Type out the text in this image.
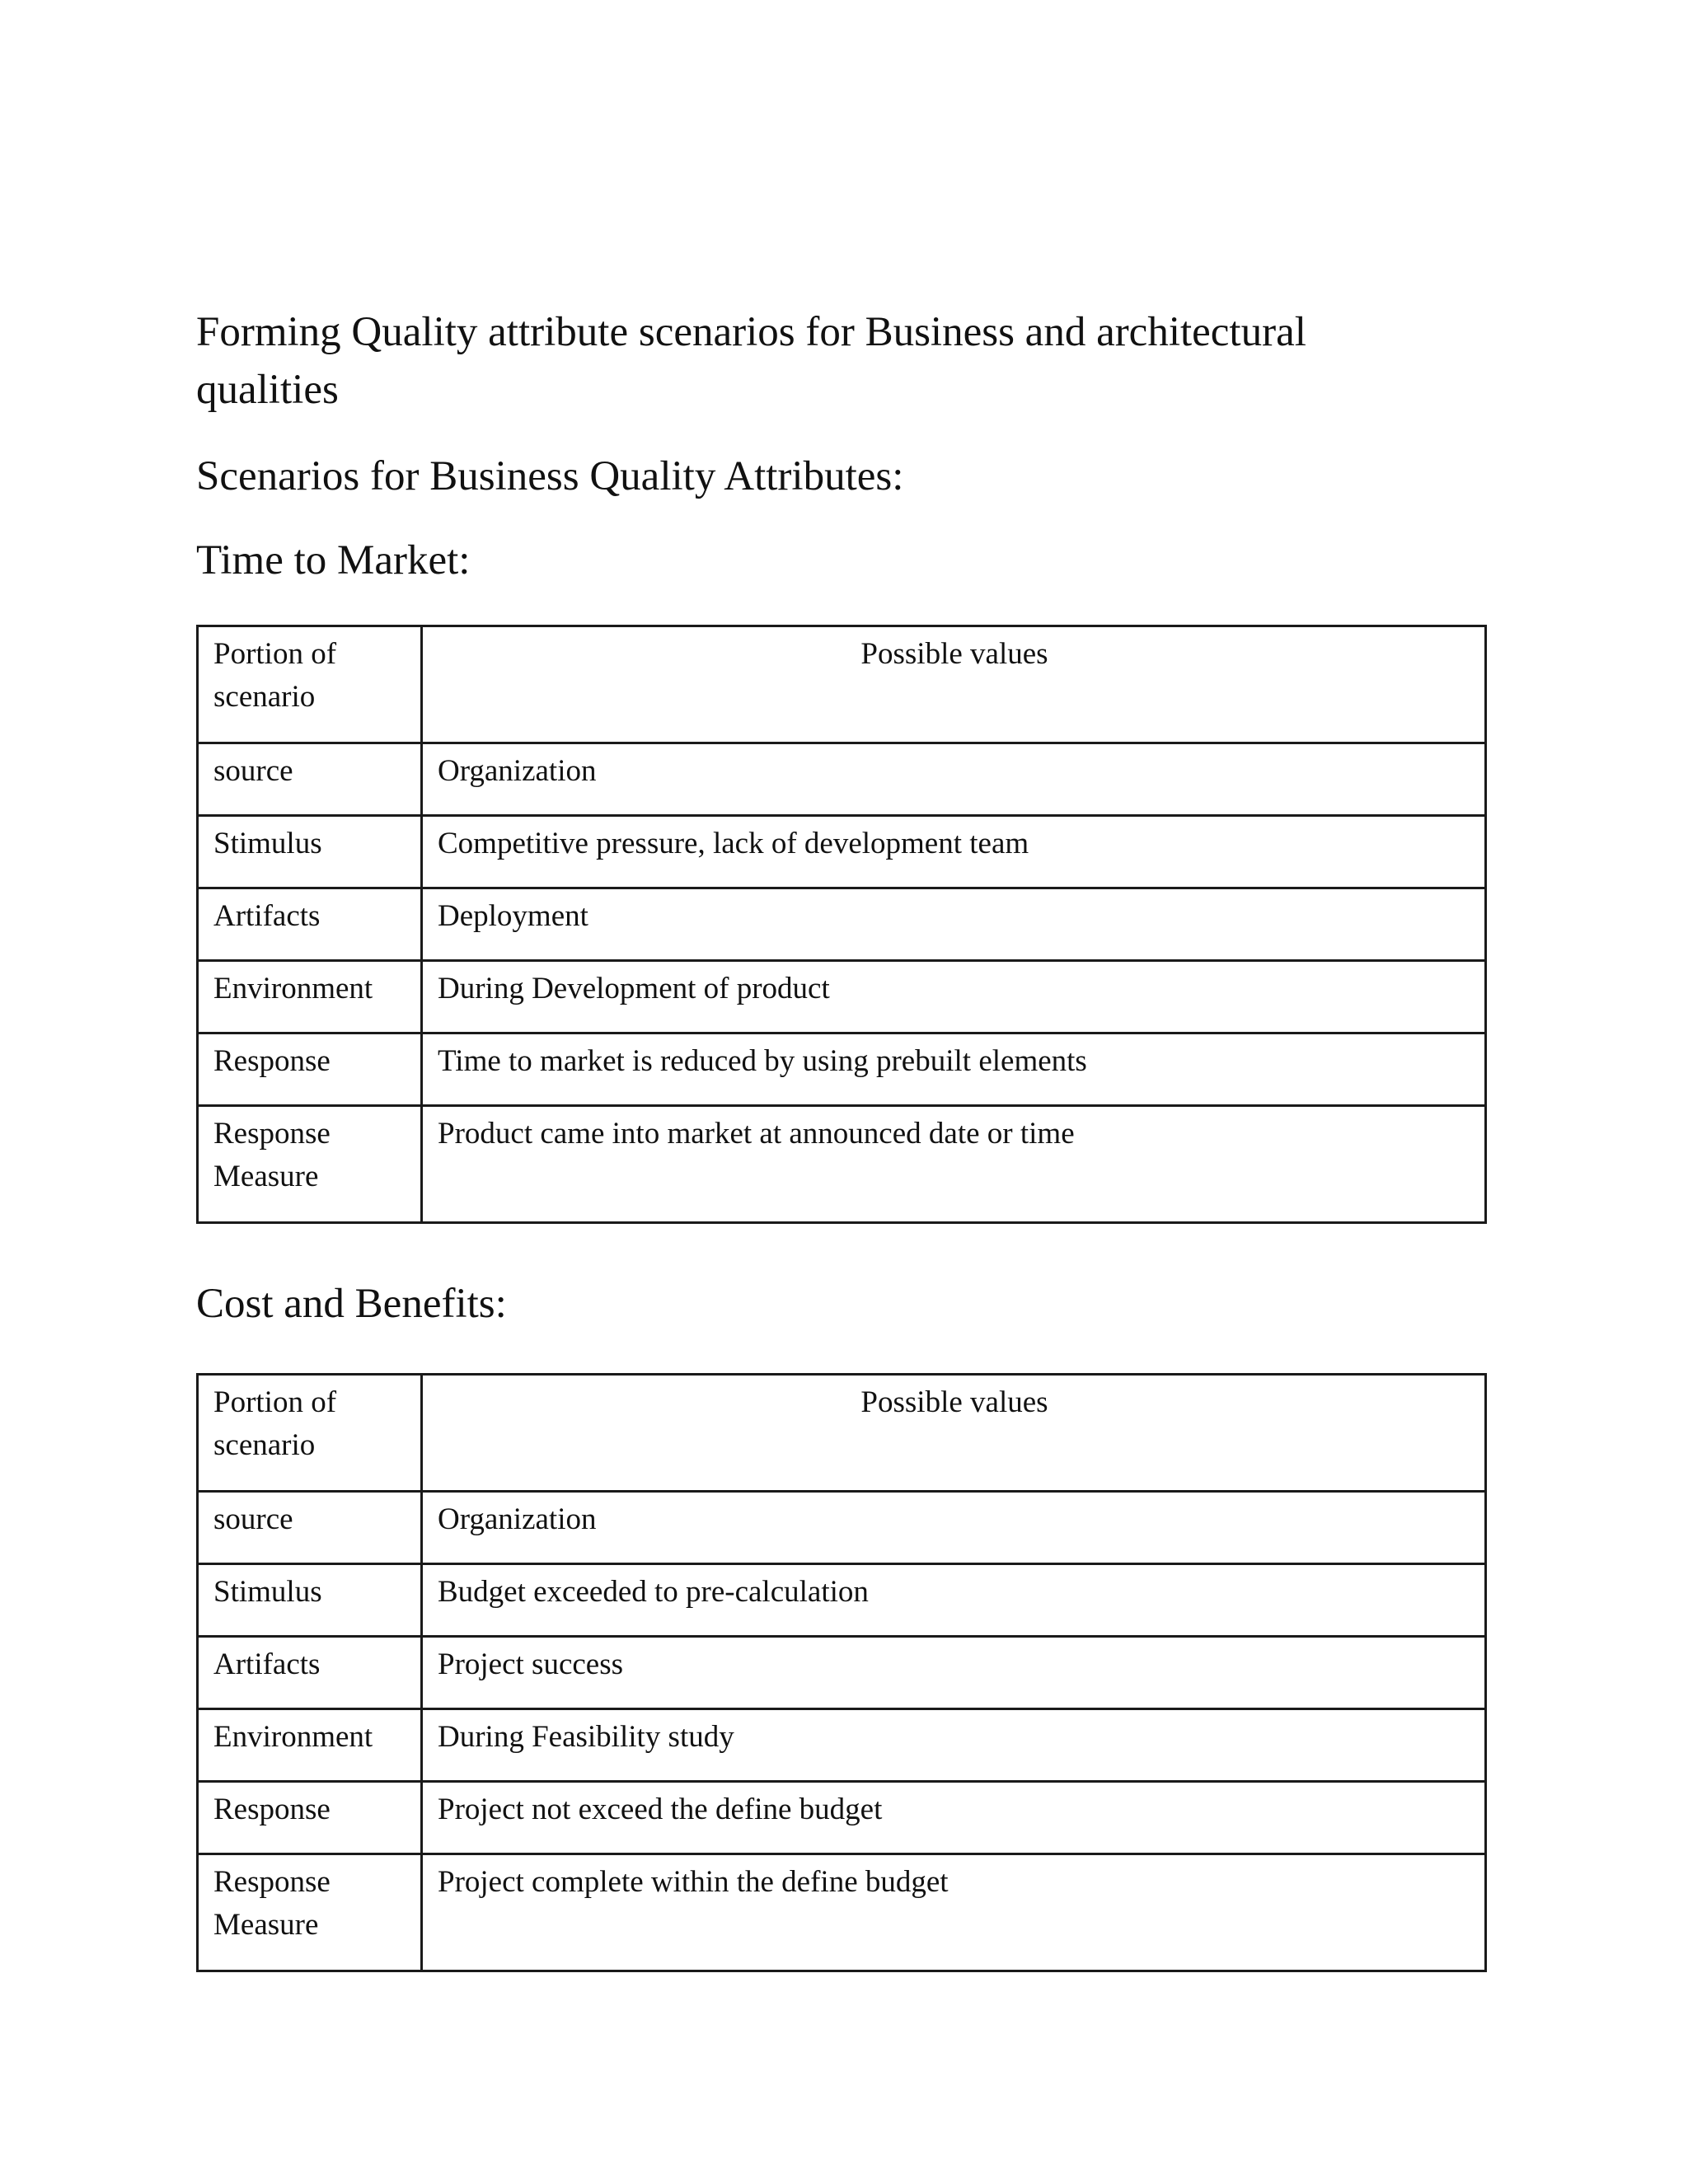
Forming Quality attribute scenarios for Business and architectural qualities
Scenarios for Business Quality Attributes:
Time to Market:
Portion of scenario	Possible values
source	Organization
Stimulus	Competitive pressure, lack of development team
Artifacts	Deployment
Environment	During Development of product
Response	Time to market is reduced by using prebuilt elements
Response Measure	Product came into market at announced date or time
Cost and Benefits:
Portion of scenario	Possible values
source	Organization
Stimulus	Budget exceeded to pre-calculation
Artifacts	Project success
Environment	During Feasibility study
Response	Project not exceed the define budget
Response Measure	Project complete within the define budget
